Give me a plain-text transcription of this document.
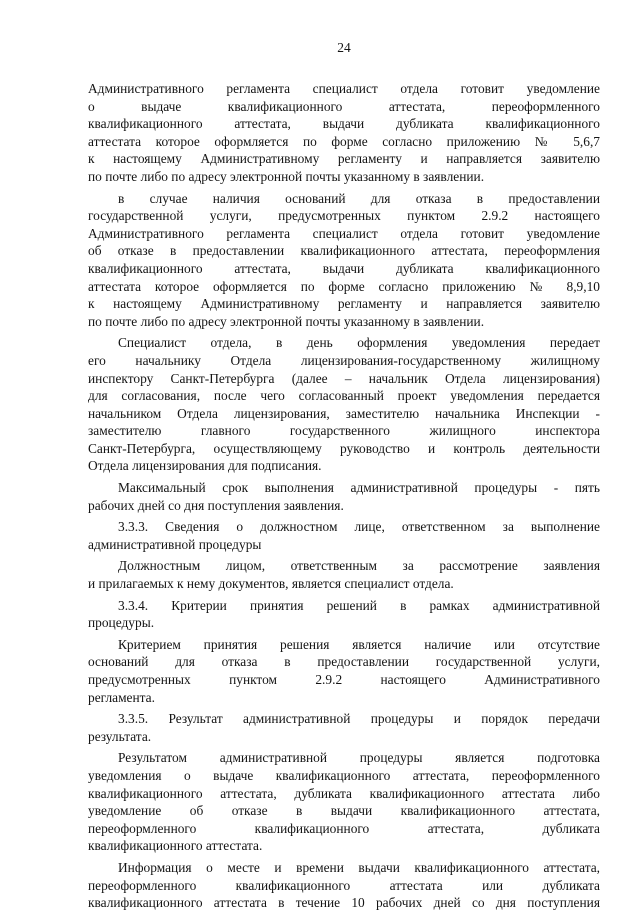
24
Административного регламента специалист отдела готовит уведомление
о выдаче квалификационного аттестата, переоформленного
квалификационного аттестата, выдачи дубликата квалификационного
аттестата которое оформляется по форме согласно приложению № 5,6,7
к настоящему Административному регламенту и направляется заявителю
по почте либо по адресу электронной почты указанному в заявлении.
в случае наличия оснований для отказа в предоставлении
государственной услуги, предусмотренных пунктом 2.9.2 настоящего
Административного регламента специалист отдела готовит уведомление
об отказе в предоставлении квалификационного аттестата, переоформления
квалификационного аттестата, выдачи дубликата квалификационного
аттестата которое оформляется по форме согласно приложению № 8,9,10
к настоящему Административному регламенту и направляется заявителю
по почте либо по адресу электронной почты указанному в заявлении.
Специалист отдела, в день оформления уведомления передает
его начальнику Отдела лицензирования-государственному жилищному
инспектору Санкт-Петербурга (далее – начальник Отдела лицензирования)
для согласования, после чего согласованный проект уведомления передается
начальником Отдела лицензирования, заместителю начальника Инспекции -
заместителю главного государственного жилищного инспектора
Санкт-Петербурга, осуществляющему руководство и контроль деятельности
Отдела лицензирования для подписания.
Максимальный срок выполнения административной процедуры - пять
рабочих дней со дня поступления заявления.
3.3.3. Сведения о должностном лице, ответственном за выполнение
административной процедуры
Должностным лицом, ответственным за рассмотрение заявления
и прилагаемых к нему документов, является специалист отдела.
3.3.4. Критерии принятия решений в рамках административной
процедуры.
Критерием принятия решения является наличие или отсутствие
оснований для отказа в предоставлении государственной услуги,
предусмотренных пунктом 2.9.2 настоящего Административного
регламента.
3.3.5. Результат административной процедуры и порядок передачи
результата.
Результатом административной процедуры является подготовка
уведомления о выдаче квалификационного аттестата, переоформленного
квалификационного аттестата, дубликата квалификационного аттестата либо
уведомление об отказе в выдачи квалификационного аттестата,
переоформленного квалификационного аттестата, дубликата
квалификационного аттестата.
Информация о месте и времени выдачи квалификационного аттестата,
переоформленного квалификационного аттестата или дубликата
квалификационного аттестата в течение 10 рабочих дней со дня поступления
